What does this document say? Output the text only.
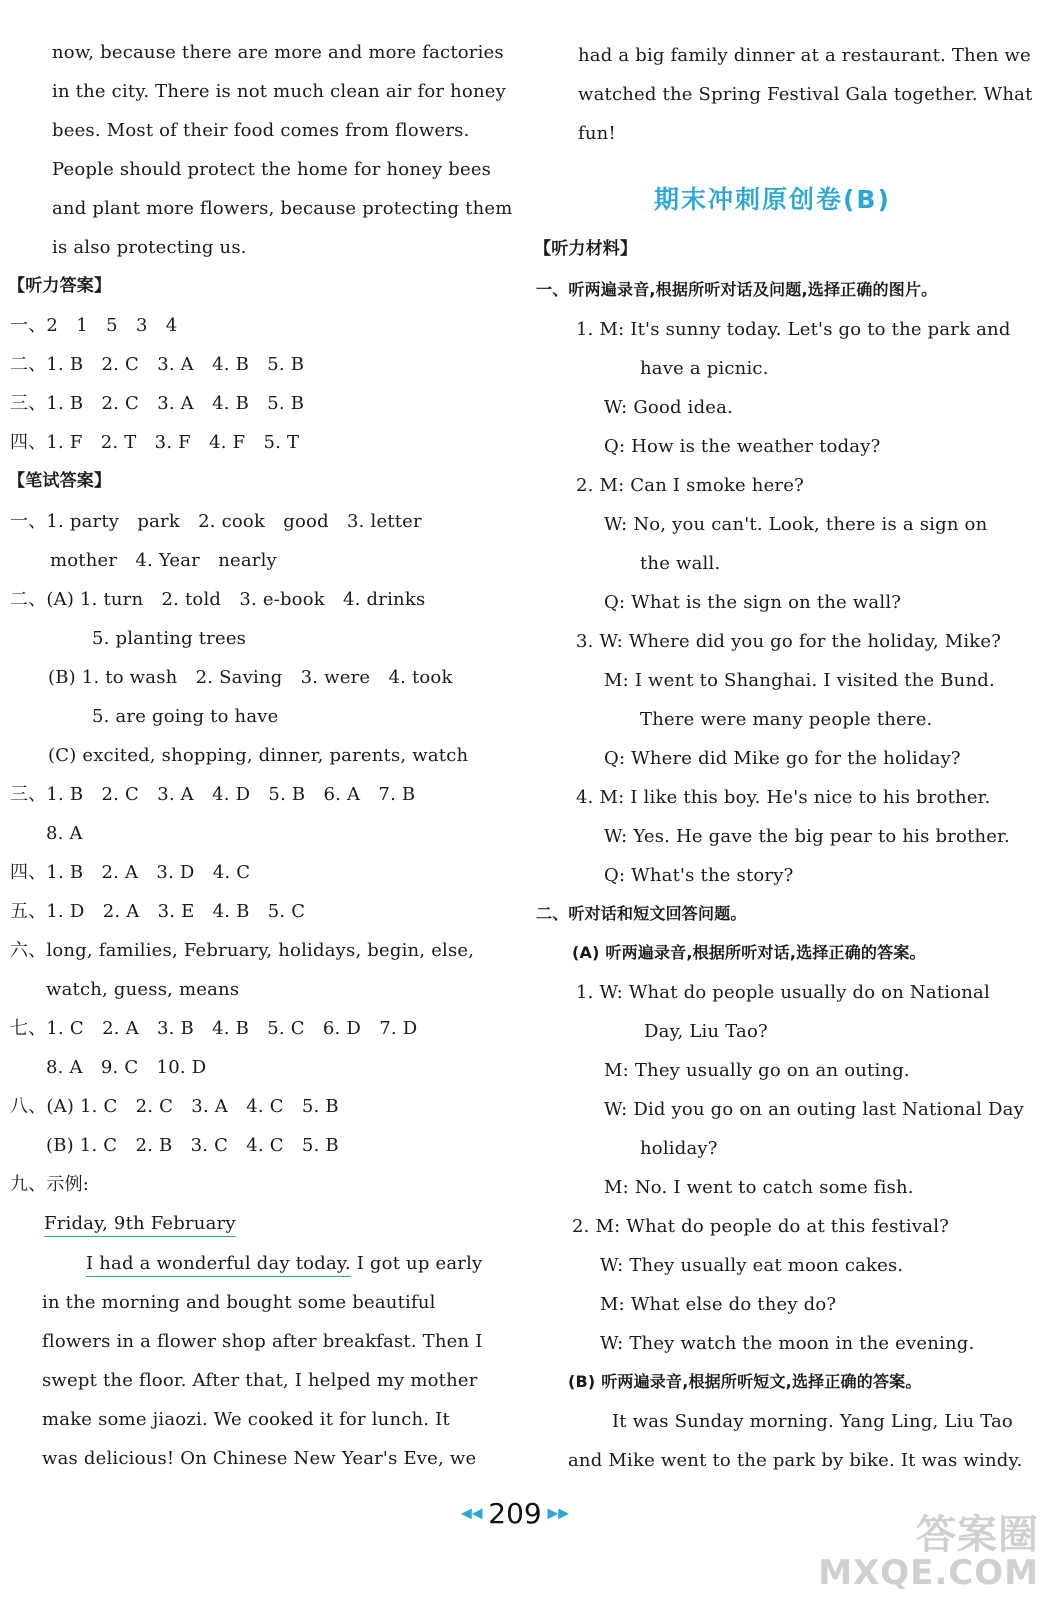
now, because there are more and more factories
in the city. There is not much clean air for honey
bees. Most of their food comes from flowers.
People should protect the home for honey bees
and plant more flowers, because protecting them
is also protecting us.
【听力答案】
一、2　1　5　3　4
二、1. B　2. C　3. A　4. B　5. B
三、1. B　2. C　3. A　4. B　5. B
四、1. F　2. T　3. F　4. F　5. T
【笔试答案】
一、1. party　park　2. cook　good　3. letter
mother　4. Year　nearly
二、(A) 1. turn　2. told　3. e-book　4. drinks
5. planting trees
(B) 1. to wash　2. Saving　3. were　4. took
5. are going to have
(C) excited, shopping, dinner, parents, watch
三、1. B　2. C　3. A　4. D　5. B　6. A　7. B
8. A
四、1. B　2. A　3. D　4. C
五、1. D　2. A　3. E　4. B　5. C
六、long, families, February, holidays, begin, else,
watch, guess, means
七、1. C　2. A　3. B　4. B　5. C　6. D　7. D
8. A　9. C　10. D
八、(A) 1. C　2. C　3. A　4. C　5. B
(B) 1. C　2. B　3. C　4. C　5. B
九、示例:
Friday, 9th February
I had a wonderful day today. I got up early
in the morning and bought some beautiful
flowers in a flower shop after breakfast. Then I
swept the floor. After that, I helped my mother
make some jiaozi. We cooked it for lunch. It
was delicious! On Chinese New Year's Eve, we
had a big family dinner at a restaurant. Then we
watched the Spring Festival Gala together. What
fun!
期末冲刺原创卷(B)
【听力材料】
一、听两遍录音,根据所听对话及问题,选择正确的图片。
1. M: It's sunny today. Let's go to the park and
have a picnic.
W: Good idea.
Q: How is the weather today?
2. M: Can I smoke here?
W: No, you can't. Look, there is a sign on
the wall.
Q: What is the sign on the wall?
3. W: Where did you go for the holiday, Mike?
M: I went to Shanghai. I visited the Bund.
There were many people there.
Q: Where did Mike go for the holiday?
4. M: I like this boy. He's nice to his brother.
W: Yes. He gave the big pear to his brother.
Q: What's the story?
二、听对话和短文回答问题。
(A) 听两遍录音,根据所听对话,选择正确的答案。
1. W: What do people usually do on National
Day, Liu Tao?
M: They usually go on an outing.
W: Did you go on an outing last National Day
holiday?
M: No. I went to catch some fish.
2. M: What do people do at this festival?
W: They usually eat moon cakes.
M: What else do they do?
W: They watch the moon in the evening.
(B) 听两遍录音,根据所听短文,选择正确的答案。
It was Sunday morning. Yang Ling, Liu Tao
and Mike went to the park by bike. It was windy.
◀◀ 209 ▶▶	答案圈
MXQE.COM
